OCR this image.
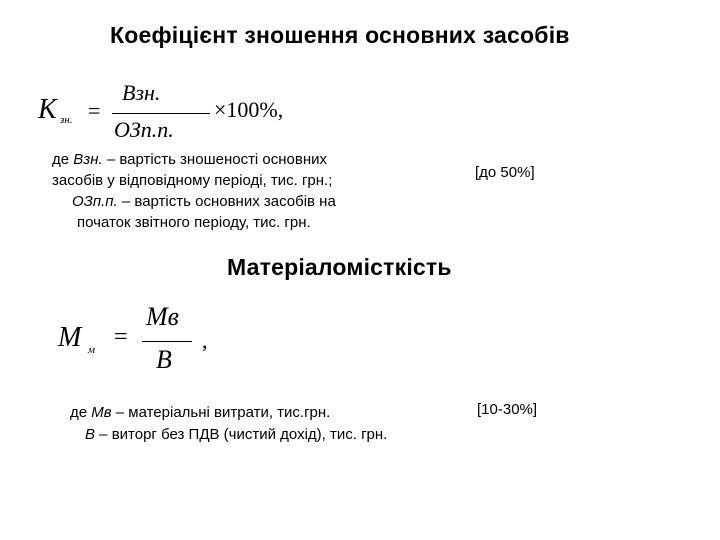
Коефіцієнт зношення основних засобів
K зн. =
Взн.
ОЗп.п.
×100%,
де Взн. – вартість зношеності основних
засобів у відповідному періоді, тис. грн.;
ОЗп.п. – вартість основних засобів на
початок звітного періоду, тис. грн.
[до 50%]
Матеріаломісткість
M м =
Мв
В
,
де Мв – матеріальні витрати, тис.грн.
В – виторг без ПДВ (чистий дохід), тис. грн.
[10-30%]
